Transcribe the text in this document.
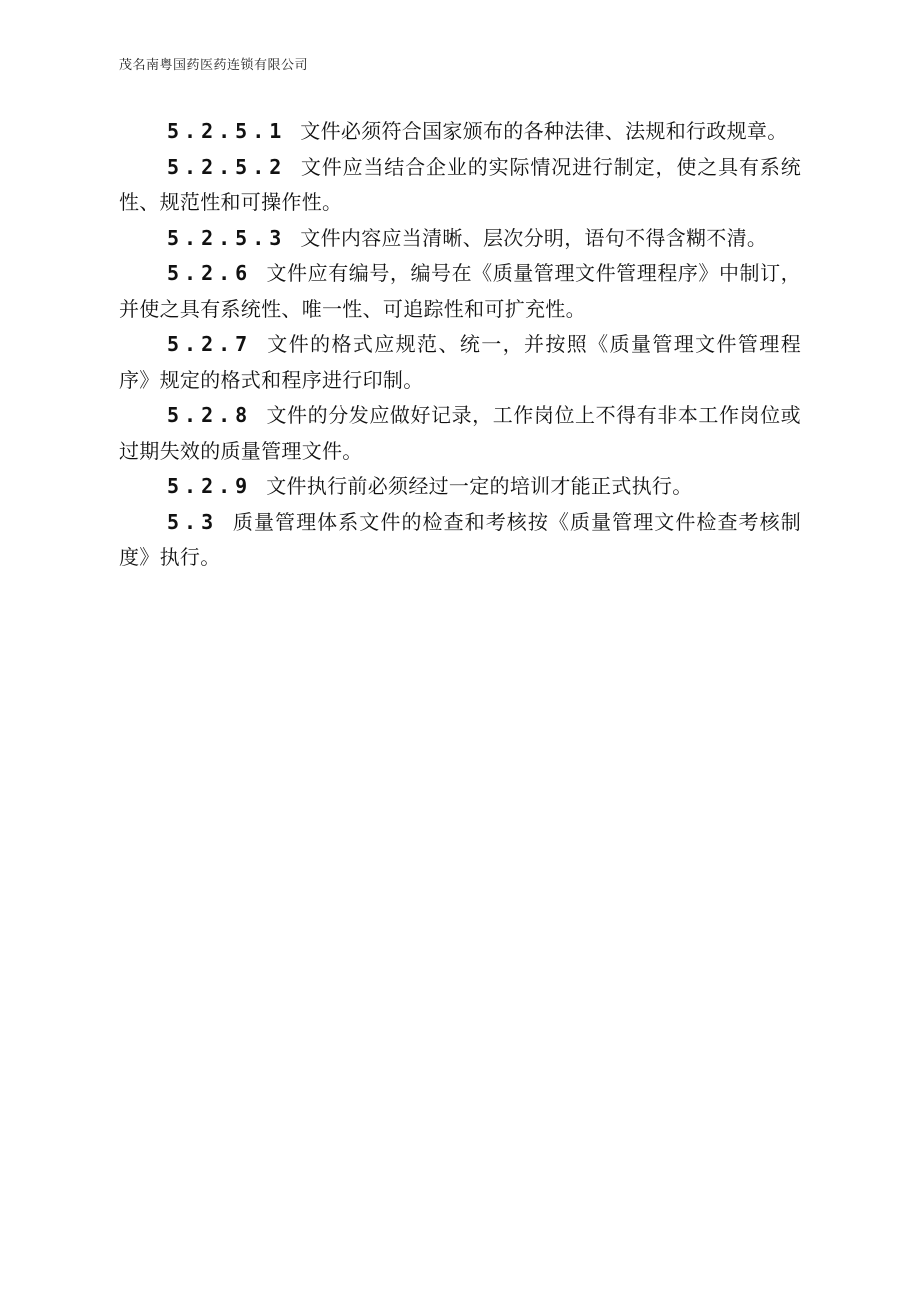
茂名南粤国药医药连锁有限公司

5.2.5.1 文件必须符合国家颁布的各种法律、法规和行政规章。

5.2.5.2 文件应当结合企业的实际情况进行制定，使之具有系统性、规范性和可操作性。

5.2.5.3 文件内容应当清晰、层次分明，语句不得含糊不清。

5.2.6 文件应有编号，编号在《质量管理文件管理程序》中制订，并使之具有系统性、唯一性、可追踪性和可扩充性。

5.2.7 文件的格式应规范、统一，并按照《质量管理文件管理程序》规定的格式和程序进行印制。

5.2.8 文件的分发应做好记录，工作岗位上不得有非本工作岗位或过期失效的质量管理文件。

5.2.9 文件执行前必须经过一定的培训才能正式执行。

5.3 质量管理体系文件的检查和考核按《质量管理文件检查考核制度》执行。
